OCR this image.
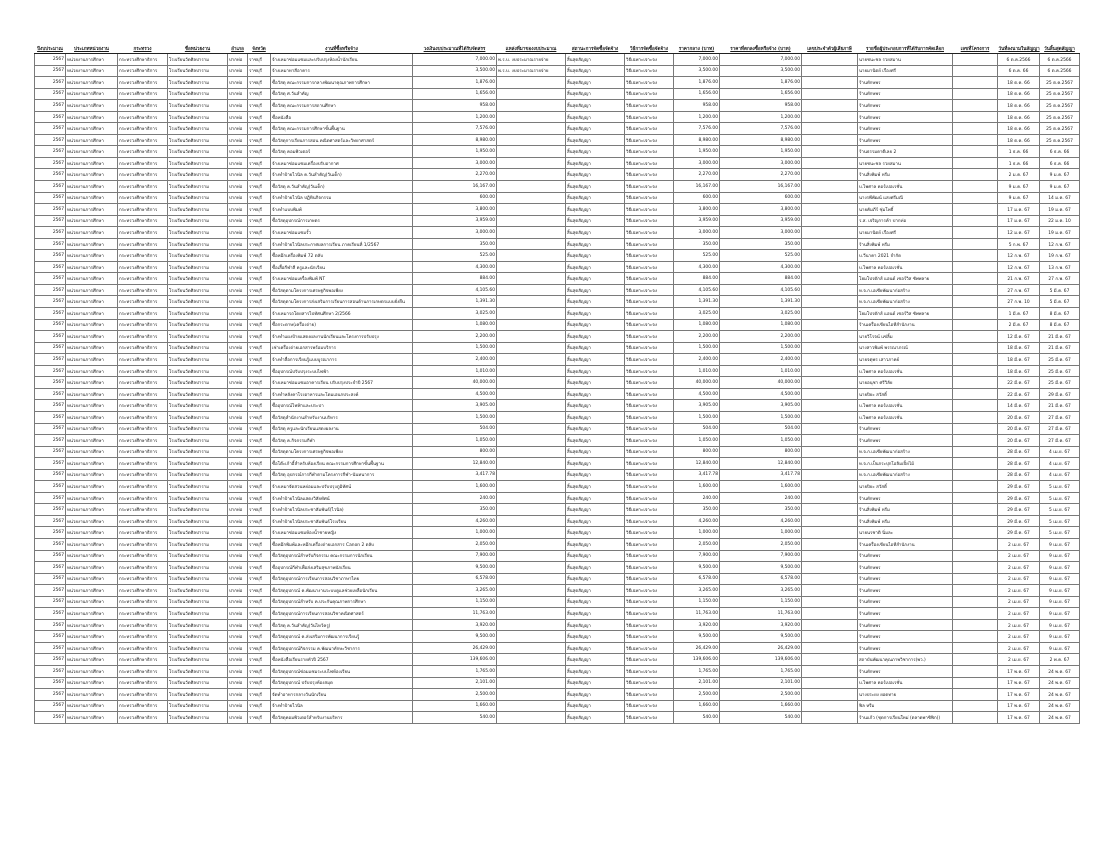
ปีงบประมาณ	ประเภทหน่วยงาน	กระทรวง	ชื่อหน่วยงาน	อำเภอ	จังหวัด	งานที่ซื้อหรือจ้าง	วงเงินงบประมาณที่ได้รับจัดสรร	แหล่งที่มาของงบประมาณ	สถานะการจัดซื้อจัดจ้าง	วิธีการจัดซื้อจัดจ้าง	ราคากลาง (บาท)	ราคาที่ตกลงซื้อหรือจ้าง (บาท)	เลขประจำตัวผู้เสียภาษี	รายชื่อผู้ประกอบการที่ได้รับการคัดเลือก	เลขที่โครงการ	วันที่ลงนามในสัญญา	วันสิ้นสุดสัญญา
2567	หน่วยงานการศึกษา	กระทรวงศึกษาธิการ	โรงเรียนวัดศิลปาราม	ปากท่อ	ราชบุรี	จ้างเหมาซ่อมแซมและปรับปรุงห้องน้ำนักเรียน	7,000.00	พ.ร.บ. งบประมาณรายจ่าย	สิ้นสุดสัญญา	วิธีเฉพาะเจาะจง	7,000.00	7,000.00		นายชนะชล รวยสมาน		6 ต.ค.2566	6 ต.ค.2566
2567	หน่วยงานการศึกษา	กระทรวงศึกษาธิการ	โรงเรียนวัดศิลปาราม	ปากท่อ	ราชบุรี	จ้างเหมาทาสีอาคาร	3,500.00	พ.ร.บ. งบประมาณรายจ่าย	สิ้นสุดสัญญา	วิธีเฉพาะเจาะจง	3,500.00	3,500.00		นายมานิตย์ เรืองศรี		6 ต.ค. 66	6 ต.ค.2566
2567	หน่วยงานการศึกษา	กระทรวงศึกษาธิการ	โรงเรียนวัดศิลปาราม	ปากท่อ	ราชบุรี	ซื้อวัสดุ คณะกรรมการกลางพัฒนาคุณภาพการศึกษา	1,876.00		สิ้นสุดสัญญา	วิธีเฉพาะเจาะจง	1,876.00	1,876.00		ร้านทักษพร		18 ต.ค. 66	25 ต.ค.2567
2567	หน่วยงานการศึกษา	กระทรวงศึกษาธิการ	โรงเรียนวัดศิลปาราม	ปากท่อ	ราชบุรี	ซื้อวัสดุ ศ.วันสำคัญ	1,656.00		สิ้นสุดสัญญา	วิธีเฉพาะเจาะจง	1,656.00	1,656.00		ร้านทักษพร		18 ต.ค. 66	25 ต.ค.2567
2567	หน่วยงานการศึกษา	กระทรวงศึกษาธิการ	โรงเรียนวัดศิลปาราม	ปากท่อ	ราชบุรี	ซื้อวัสดุ คณะกรรมการสถานศึกษา	958.00		สิ้นสุดสัญญา	วิธีเฉพาะเจาะจง	958.00	958.00		ร้านทักษพร		18 ต.ค. 66	25 ต.ค.2567
2567	หน่วยงานการศึกษา	กระทรวงศึกษาธิการ	โรงเรียนวัดศิลปาราม	ปากท่อ	ราชบุรี	ซื้อหนังสือ	1,200.00		สิ้นสุดสัญญา	วิธีเฉพาะเจาะจง	1,200.00	1,200.00		ร้านทักษพร		18 ต.ค. 66	25 ต.ค.2567
2567	หน่วยงานการศึกษา	กระทรวงศึกษาธิการ	โรงเรียนวัดศิลปาราม	ปากท่อ	ราชบุรี	ซื้อวัสดุ คณะกรรมการศึกษาขั้นพื้นฐาน	7,576.00		สิ้นสุดสัญญา	วิธีเฉพาะเจาะจง	7,576.00	7,576.00		ร้านทักษพร		18 ต.ค. 66	25 ต.ค.2567
2567	หน่วยงานการศึกษา	กระทรวงศึกษาธิการ	โรงเรียนวัดศิลปาราม	ปากท่อ	ราชบุรี	ซื้อวัสดุการเรียนการสอน คณิตศาสตร์และวิทยาศาสตร์	8,980.00		สิ้นสุดสัญญา	วิธีเฉพาะเจาะจง	8,980.00	8,980.00		ร้านทักษพร		18 ต.ค. 66	25 ต.ค.2567
2567	หน่วยงานการศึกษา	กระทรวงศึกษาธิการ	โรงเรียนวัดศิลปาราม	ปากท่อ	ราชบุรี	ซื้อวัสดุ คอมพิวเตอร์	1,950.00		สิ้นสุดสัญญา	วิธีเฉพาะเจาะจง	1,950.00	1,950.00		ร้านธรรมดาดีเลย 2		1 ธ.ค. 66	6 ธ.ค. 66
2567	หน่วยงานการศึกษา	กระทรวงศึกษาธิการ	โรงเรียนวัดศิลปาราม	ปากท่อ	ราชบุรี	จ้างเหมาซ่อมแซมเครื่องปรับอากาศ	3,000.00		สิ้นสุดสัญญา	วิธีเฉพาะเจาะจง	3,000.00	3,000.00		นายชนะชล รวยสมาน		1 ธ.ค. 66	6 ธ.ค. 66
2567	หน่วยงานการศึกษา	กระทรวงศึกษาธิการ	โรงเรียนวัดศิลปาราม	ปากท่อ	ราชบุรี	จ้างทำป้ายไวนิล ค.วันสำคัญ(วันเด็ก)	2,270.00		สิ้นสุดสัญญา	วิธีเฉพาะเจาะจง	2,270.00	2,270.00		ร้านสิ่งพิมพ์ หรีม		2 ม.ค. 67	9 ม.ค. 67
2567	หน่วยงานการศึกษา	กระทรวงศึกษาธิการ	โรงเรียนวัดศิลปาราม	ปากท่อ	ราชบุรี	ซื้อวัสดุ ค.วันสำคัญ(วันเด็ก)	16,167.00		สิ้นสุดสัญญา	วิธีเฉพาะเจาะจง	16,167.00	16,167.00		บ.ไพศาล คอร์เปอเรชั่น		9 ม.ค. 67	9 ม.ค. 67
2567	หน่วยงานการศึกษา	กระทรวงศึกษาธิการ	โรงเรียนวัดศิลปาราม	ปากท่อ	ราชบุรี	จ้างทำป้ายไวนิล ปฏิทินกิจกรรม	600.00		สิ้นสุดสัญญา	วิธีเฉพาะเจาะจง	600.00	600.00		นางรพีพัฒน์ แสงศรีมณี		9 ม.ค. 67	14 ม.ค. 67
2567	หน่วยงานการศึกษา	กระทรวงศึกษาธิการ	โรงเรียนวัดศิลปาราม	ปากท่อ	ราชบุรี	จ้างทำแบบพิมพ์	3,800.00		สิ้นสุดสัญญา	วิธีเฉพาะเจาะจง	3,800.00	3,800.00		นายคัมภีร์ ชุ่มโพธิ์		17 ม.ค. 67	19 ม.ค. 67
2567	หน่วยงานการศึกษา	กระทรวงศึกษาธิการ	โรงเรียนวัดศิลปาราม	ปากท่อ	ราชบุรี	ซื้อวัสดุอุปกรณ์การเกษตร	3,959.00		สิ้นสุดสัญญา	วิธีเฉพาะเจาะจง	3,959.00	3,959.00		ร.ส. เจริญการค้า ปากท่อ		17 ม.ค. 67	22 ม.ค. 10
2567	หน่วยงานการศึกษา	กระทรวงศึกษาธิการ	โรงเรียนวัดศิลปาราม	ปากท่อ	ราชบุรี	จ้างเหมาซ่อมแซมรั้ว	3,000.00		สิ้นสุดสัญญา	วิธีเฉพาะเจาะจง	3,000.00	3,000.00		นายมานิตย์ เรืองศรี		12 ม.ค. 67	19 ม.ค. 67
2567	หน่วยงานการศึกษา	กระทรวงศึกษาธิการ	โรงเรียนวัดศิลปาราม	ปากท่อ	ราชบุรี	จ้างทำป้ายไวนิลประกาศผลการเรียน ภาคเรียนที่ 1/2567	350.00		สิ้นสุดสัญญา	วิธีเฉพาะเจาะจง	350.00	350.00		ร้านสิ่งพิมพ์ หรีม		5 ก.พ. 67	12 ก.พ. 67
2567	หน่วยงานการศึกษา	กระทรวงศึกษาธิการ	โรงเรียนวัดศิลปาราม	ปากท่อ	ราชบุรี	ซื้อหมึกเครื่องพิมพ์ 72 ตลับ	525.00		สิ้นสุดสัญญา	วิธีเฉพาะเจาะจง	525.00	525.00		บ.วีนาคา 2021 จำกัด		12 ก.พ. 67	19 ก.พ. 67
2567	หน่วยงานการศึกษา	กระทรวงศึกษาธิการ	โรงเรียนวัดศิลปาราม	ปากท่อ	ราชบุรี	ซื้อเสื้อกีฬาสี ครูและนักเรียน	4,300.00		สิ้นสุดสัญญา	วิธีเฉพาะเจาะจง	4,300.00	4,300.00		บ.ไพศาล คอร์เปอเรชั่น		12 ก.พ. 67	13 ก.พ. 67
2567	หน่วยงานการศึกษา	กระทรวงศึกษาธิการ	โรงเรียนวัดศิลปาราม	ปากท่อ	ราชบุรี	จ้างเหมาซ่อมเครื่องพิมพ์ NT	884.00		สิ้นสุดสัญญา	วิธีเฉพาะเจาะจง	884.00	884.00		โฮมโปรดักส์ แอนด์ เซอร์วิส ซัพพลาย		21 ก.พ. 67	27 ก.พ. 67
2567	หน่วยงานการศึกษา	กระทรวงศึกษาธิการ	โรงเรียนวัดศิลปาราม	ปากท่อ	ราชบุรี	ซื้อวัสดุตามโครงการเศรษฐกิจพอเพียง	4,105.60		สิ้นสุดสัญญา	วิธีเฉพาะเจาะจง	4,105.60	4,105.60		ห.จ.ก.เอเซียพัฒนาก่อสร้าง		27 ก.พ. 67	5 มี.ค. 67
2567	หน่วยงานการศึกษา	กระทรวงศึกษาธิการ	โรงเรียนวัดศิลปาราม	ปากท่อ	ราชบุรี	ซื้อวัสดุตามโครงการส่งเสริมการเรียนการสอนด้านการเกษตรแบบยั่งยืน	1,391.30		สิ้นสุดสัญญา	วิธีเฉพาะเจาะจง	1,391.30	1,391.30		ห.จ.ก.เอเซียพัฒนาก่อสร้าง		27 ก.พ. 10	5 มี.ค. 67
2567	หน่วยงานการศึกษา	กระทรวงศึกษาธิการ	โรงเรียนวัดศิลปาราม	ปากท่อ	ราชบุรี	จ้างเหมารถโดยสารไปทัศนศึกษา 2/2566	3,025.00		สิ้นสุดสัญญา	วิธีเฉพาะเจาะจง	3,025.00	3,025.00		โฮมโปรดักส์ แอนด์ เซอร์วิส ซัพพลาย		1 มี.ค. 67	8 มี.ค. 67
2567	หน่วยงานการศึกษา	กระทรวงศึกษาธิการ	โรงเรียนวัดศิลปาราม	ปากท่อ	ราชบุรี	ซื้อกระดาษ(เครื่องถ่าย)	1,080.00		สิ้นสุดสัญญา	วิธีเฉพาะเจาะจง	1,080.00	1,080.00		ร้านเครื่องเขียนไอทีสำนักงาน		2 มี.ค. 67	8 มี.ค. 67
2567	หน่วยงานการศึกษา	กระทรวงศึกษาธิการ	โรงเรียนวัดศิลปาราม	ปากท่อ	ราชบุรี	จ้างทำแผงป้ายแสดงผลงานนักเรียนและโครงการปรับปรุง	2,200.00		สิ้นสุดสัญญา	วิธีเฉพาะเจาะจง	2,200.00	2,200.00		นายวิโรจน์ แซ่ลิ้ม		12 มี.ค. 67	21 มี.ค. 67
2567	หน่วยงานการศึกษา	กระทรวงศึกษาธิการ	โรงเรียนวัดศิลปาราม	ปากท่อ	ราชบุรี	เช่าเครื่องถ่ายเอกสารพร้อมบริการ	1,500.00		สิ้นสุดสัญญา	วิธีเฉพาะเจาะจง	1,500.00	1,500.00		นางสาวพิมพ์ พรรณาภรณ์		18 มี.ค. 67	21 มี.ค. 67
2567	หน่วยงานการศึกษา	กระทรวงศึกษาธิการ	โรงเรียนวัดศิลปาราม	ปากท่อ	ราชบุรี	จ้างทำสื่อการเรียนรู้แบบบูรณาการ	2,400.00		สิ้นสุดสัญญา	วิธีเฉพาะเจาะจง	2,400.00	2,400.00		นายจตุพร เสาวภาคย์		18 มี.ค. 67	25 มี.ค. 67
2567	หน่วยงานการศึกษา	กระทรวงศึกษาธิการ	โรงเรียนวัดศิลปาราม	ปากท่อ	ราชบุรี	ซื้ออุปกรณ์ปรับปรุงระบบไฟฟ้า	1,010.00		สิ้นสุดสัญญา	วิธีเฉพาะเจาะจง	1,010.00	1,010.00		บ.ไพศาล คอร์เปอเรชั่น		18 มี.ค. 67	25 มี.ค. 67
2567	หน่วยงานการศึกษา	กระทรวงศึกษาธิการ	โรงเรียนวัดศิลปาราม	ปากท่อ	ราชบุรี	จ้างเหมาซ่อมแซมอาคารเรียน ปรับปรุงประจำปี 2567	40,000.00		สิ้นสุดสัญญา	วิธีเฉพาะเจาะจง	40,000.00	40,000.00		นายอนุชา ศรีวิลัย		22 มี.ค. 67	25 มี.ค. 67
2567	หน่วยงานการศึกษา	กระทรวงศึกษาธิการ	โรงเรียนวัดศิลปาราม	ปากท่อ	ราชบุรี	จ้างทำหลังคาโรงอาหารและโดมเอนกประสงค์	4,500.00		สิ้นสุดสัญญา	วิธีเฉพาะเจาะจง	4,500.00	4,500.00		นายปิยะ สวัสดิ์		22 มี.ค. 67	29 มี.ค. 67
2567	หน่วยงานการศึกษา	กระทรวงศึกษาธิการ	โรงเรียนวัดศิลปาราม	ปากท่อ	ราชบุรี	ซื้ออุปกรณ์ไฟฟ้าและประปา	3,905.00		สิ้นสุดสัญญา	วิธีเฉพาะเจาะจง	3,905.00	3,905.00		บ.ไพศาล คอร์เปอเรชั่น		14 มี.ค. 67	21 มี.ค. 67
2567	หน่วยงานการศึกษา	กระทรวงศึกษาธิการ	โรงเรียนวัดศิลปาราม	ปากท่อ	ราชบุรี	ซื้อวัสดุสำนักงานสำหรับงานบริหาร	1,500.00		สิ้นสุดสัญญา	วิธีเฉพาะเจาะจง	1,500.00	1,500.00		บ.ไพศาล คอร์เปอเรชั่น		20 มี.ค. 67	27 มี.ค. 67
2567	หน่วยงานการศึกษา	กระทรวงศึกษาธิการ	โรงเรียนวัดศิลปาราม	ปากท่อ	ราชบุรี	ซื้อวัสดุ ครูและนักเรียนแสดงผลงาน	504.00		สิ้นสุดสัญญา	วิธีเฉพาะเจาะจง	504.00	504.00		ร้านทักษพร		20 มี.ค. 67	27 มี.ค. 67
2567	หน่วยงานการศึกษา	กระทรวงศึกษาธิการ	โรงเรียนวัดศิลปาราม	ปากท่อ	ราชบุรี	ซื้อวัสดุ ค.กิจกรรมกีฬา	1,050.00		สิ้นสุดสัญญา	วิธีเฉพาะเจาะจง	1,050.00	1,050.00		ร้านทักษพร		20 มี.ค. 67	27 มี.ค. 67
2567	หน่วยงานการศึกษา	กระทรวงศึกษาธิการ	โรงเรียนวัดศิลปาราม	ปากท่อ	ราชบุรี	ซื้อวัสดุตามโครงการเศรษฐกิจพอเพียง	800.00		สิ้นสุดสัญญา	วิธีเฉพาะเจาะจง	800.00	800.00		ห.จ.ก.เอเซียพัฒนาก่อสร้าง		28 มี.ค. 67	4 เม.ย. 67
2567	หน่วยงานการศึกษา	กระทรวงศึกษาธิการ	โรงเรียนวัดศิลปาราม	ปากท่อ	ราชบุรี	ซื้อโต๊ะเก้าอี้สำหรับห้องเรียน คณะกรรมการศึกษาขั้นพื้นฐาน	12,840.00		สิ้นสุดสัญญา	วิธีเฉพาะเจาะจง	12,840.00	12,840.00		ห.จ.ก.เป็นกระปุกโอลิมเปิ้ยไม้		28 มี.ค. 67	4 เม.ย. 67
2567	หน่วยงานการศึกษา	กระทรวงศึกษาธิการ	โรงเรียนวัดศิลปาราม	ปากท่อ	ราชบุรี	ซื้อวัสดุ อุปกรณ์การกีฬาตามโครงการกีฬา-นันทนาการ	3,417.78		สิ้นสุดสัญญา	วิธีเฉพาะเจาะจง	3,417.78	3,417.78		ห.จ.ก.เอเซียพัฒนาก่อสร้าง		28 มี.ค. 67	4 เม.ย. 67
2567	หน่วยงานการศึกษา	กระทรวงศึกษาธิการ	โรงเรียนวัดศิลปาราม	ปากท่อ	ราชบุรี	จ้างเหมาจัดสวนหย่อมและปรับปรุงภูมิทัศน์	1,600.00		สิ้นสุดสัญญา	วิธีเฉพาะเจาะจง	1,600.00	1,600.00		นายปิยะ สวัสดิ์		29 มี.ค. 67	5 เม.ย. 67
2567	หน่วยงานการศึกษา	กระทรวงศึกษาธิการ	โรงเรียนวัดศิลปาราม	ปากท่อ	ราชบุรี	จ้างทำป้ายไวนิลแสดงวิสัยทัศน์	240.00		สิ้นสุดสัญญา	วิธีเฉพาะเจาะจง	240.00	240.00		ร้านทักษพร		29 มี.ค. 67	5 เม.ย. 67
2567	หน่วยงานการศึกษา	กระทรวงศึกษาธิการ	โรงเรียนวัดศิลปาราม	ปากท่อ	ราชบุรี	จ้างทำป้ายไวนิลประชาสัมพันธ์(ไวนิล)	350.00		สิ้นสุดสัญญา	วิธีเฉพาะเจาะจง	350.00	350.00		ร้านสิ่งพิมพ์ หรีม		29 มี.ค. 67	5 เม.ย. 67
2567	หน่วยงานการศึกษา	กระทรวงศึกษาธิการ	โรงเรียนวัดศิลปาราม	ปากท่อ	ราชบุรี	จ้างทำป้ายไวนิลประชาสัมพันธ์โรงเรียน	4,260.00		สิ้นสุดสัญญา	วิธีเฉพาะเจาะจง	4,260.00	4,260.00		ร้านสิ่งพิมพ์ หรีม		29 มี.ค. 67	5 เม.ย. 67
2567	หน่วยงานการศึกษา	กระทรวงศึกษาธิการ	โรงเรียนวัดศิลปาราม	ปากท่อ	ราชบุรี	จ้างเหมาซ่อมแซมห้องน้ำชายหญิง	1,000.00		สิ้นสุดสัญญา	วิธีเฉพาะเจาะจง	1,000.00	1,000.00		นายนรชาติ นิ่มละ		29 มี.ค. 67	5 เม.ย. 67
2567	หน่วยงานการศึกษา	กระทรวงศึกษาธิการ	โรงเรียนวัดศิลปาราม	ปากท่อ	ราชบุรี	ซื้อหมึกพิมพ์และหมึกเครื่องถ่ายเอกสาร Canon 2 ตลับ	2,050.00		สิ้นสุดสัญญา	วิธีเฉพาะเจาะจง	2,050.00	2,050.00		ร้านเครื่องเขียนไอทีสำนักงาน		2 เม.ย. 67	9 เม.ย. 67
2567	หน่วยงานการศึกษา	กระทรวงศึกษาธิการ	โรงเรียนวัดศิลปาราม	ปากท่อ	ราชบุรี	ซื้อวัสดุอุปกรณ์สำหรับกิจกรรม คณะกรรมการนักเรียน	7,900.00		สิ้นสุดสัญญา	วิธีเฉพาะเจาะจง	7,900.00	7,900.00		ร้านทักษพร		2 เม.ย. 67	9 เม.ย. 67
2567	หน่วยงานการศึกษา	กระทรวงศึกษาธิการ	โรงเรียนวัดศิลปาราม	ปากท่อ	ราชบุรี	ซื้ออุปกรณ์กีฬาเพื่อส่งเสริมสุขภาพนักเรียน	9,500.00		สิ้นสุดสัญญา	วิธีเฉพาะเจาะจง	9,500.00	9,500.00		ร้านทักษพร		2 เม.ย. 67	9 เม.ย. 67
2567	หน่วยงานการศึกษา	กระทรวงศึกษาธิการ	โรงเรียนวัดศิลปาราม	ปากท่อ	ราชบุรี	ซื้อวัสดุอุปกรณ์การเรียนการสอนวิชาภาษาไทย	6,578.00		สิ้นสุดสัญญา	วิธีเฉพาะเจาะจง	6,578.00	6,578.00		ร้านทักษพร		2 เม.ย. 67	9 เม.ย. 67
2567	หน่วยงานการศึกษา	กระทรวงศึกษาธิการ	โรงเรียนวัดศิลปาราม	ปากท่อ	ราชบุรี	ซื้อวัสดุอุปกรณ์ ค.พัฒนางานระบบดูแลช่วยเหลือนักเรียน	3,265.00		สิ้นสุดสัญญา	วิธีเฉพาะเจาะจง	3,265.00	3,265.00		ร้านทักษพร		2 เม.ย. 67	9 เม.ย. 67
2567	หน่วยงานการศึกษา	กระทรวงศึกษาธิการ	โรงเรียนวัดศิลปาราม	ปากท่อ	ราชบุรี	ซื้อวัสดุอุปกรณ์สำหรับ ค.ประกันคุณภาพการศึกษา	1,150.00		สิ้นสุดสัญญา	วิธีเฉพาะเจาะจง	1,150.00	1,150.00		ร้านทักษพร		2 เม.ย. 67	9 เม.ย. 67
2567	หน่วยงานการศึกษา	กระทรวงศึกษาธิการ	โรงเรียนวัดศิลปาราม	ปากท่อ	ราชบุรี	ซื้อวัสดุอุปกรณ์การเรียนการสอนวิชาคณิตศาสตร์	11,763.00		สิ้นสุดสัญญา	วิธีเฉพาะเจาะจง	11,763.00	11,763.00		ร้านทักษพร		2 เม.ย. 67	9 เม.ย. 67
2567	หน่วยงานการศึกษา	กระทรวงศึกษาธิการ	โรงเรียนวัดศิลปาราม	ปากท่อ	ราชบุรี	ซื้อวัสดุ ค.วันสำคัญ(วันไหว้ครู)	3,920.00		สิ้นสุดสัญญา	วิธีเฉพาะเจาะจง	3,920.00	3,920.00		ร้านทักษพร		2 เม.ย. 67	9 เม.ย. 67
2567	หน่วยงานการศึกษา	กระทรวงศึกษาธิการ	โรงเรียนวัดศิลปาราม	ปากท่อ	ราชบุรี	ซื้อวัสดุอุปกรณ์ ค.ส่งเสริมการพัฒนาการเรียนรู้	9,500.00		สิ้นสุดสัญญา	วิธีเฉพาะเจาะจง	9,500.00	9,500.00		ร้านทักษพร		2 เม.ย. 67	9 เม.ย. 67
2567	หน่วยงานการศึกษา	กระทรวงศึกษาธิการ	โรงเรียนวัดศิลปาราม	ปากท่อ	ราชบุรี	ซื้อวัสดุอุปกรณ์กิจกรรม ค.พัฒนาทักษะวิชาการ	26,429.00		สิ้นสุดสัญญา	วิธีเฉพาะเจาะจง	26,429.00	26,429.00		ร้านทักษพร		2 เม.ย. 67	9 เม.ย. 67
2567	หน่วยงานการศึกษา	กระทรวงศึกษาธิการ	โรงเรียนวัดศิลปาราม	ปากท่อ	ราชบุรี	ซื้อหนังสือเรียนรายหัวปี 2567	139,606.00		สิ้นสุดสัญญา	วิธีเฉพาะเจาะจง	139,606.00	139,606.00		สถาบันพัฒนาคุณภาพวิชาการ(พว.)		2 เม.ย. 67	2 พ.ค. 67
2567	หน่วยงานการศึกษา	กระทรวงศึกษาธิการ	โรงเรียนวัดศิลปาราม	ปากท่อ	ราชบุรี	ซื้อวัสดุอุปกรณ์ซ่อมแซมระบบไฟห้องเรียน	1,765.00		สิ้นสุดสัญญา	วิธีเฉพาะเจาะจง	1,765.00	1,765.00		ร้านทักษพร		17 พ.ค. 67	24 พ.ค. 67
2567	หน่วยงานการศึกษา	กระทรวงศึกษาธิการ	โรงเรียนวัดศิลปาราม	ปากท่อ	ราชบุรี	ซื้อวัสดุอุปกรณ์ ปรับปรุงห้องสมุด	2,101.00		สิ้นสุดสัญญา	วิธีเฉพาะเจาะจง	2,101.00	2,101.00		บ.ไพศาล คอร์เปอเรชั่น		17 พ.ค. 67	24 พ.ค. 67
2567	หน่วยงานการศึกษา	กระทรวงศึกษาธิการ	โรงเรียนวัดศิลปาราม	ปากท่อ	ราชบุรี	จัดทำอาหารกลางวันนักเรียน	2,500.00		สิ้นสุดสัญญา	วิธีเฉพาะเจาะจง	2,500.00	2,500.00		นางประยง ยอดทาย		17 พ.ค. 67	24 พ.ค. 67
2567	หน่วยงานการศึกษา	กระทรวงศึกษาธิการ	โรงเรียนวัดศิลปาราม	ปากท่อ	ราชบุรี	จ้างทำป้ายไวนิล	1,660.00		สิ้นสุดสัญญา	วิธีเฉพาะเจาะจง	1,660.00	1,660.00		ฟิล หรีม		17 พ.ค. 67	24 พ.ค. 67
2567	หน่วยงานการศึกษา	กระทรวงศึกษาธิการ	โรงเรียนวัดศิลปาราม	ปากท่อ	ราชบุรี	ซื้อวัสดุคอมพิวเตอร์สำหรับงานบริหาร	540.00		สิ้นสุดสัญญา	วิธีเฉพาะเจาะจง	540.00	540.00		ร้านแก้ว (ชุดการเรียนใหม่ (ตลาดพาซิฟิก))		17 พ.ค. 67	24 พ.ค. 67
